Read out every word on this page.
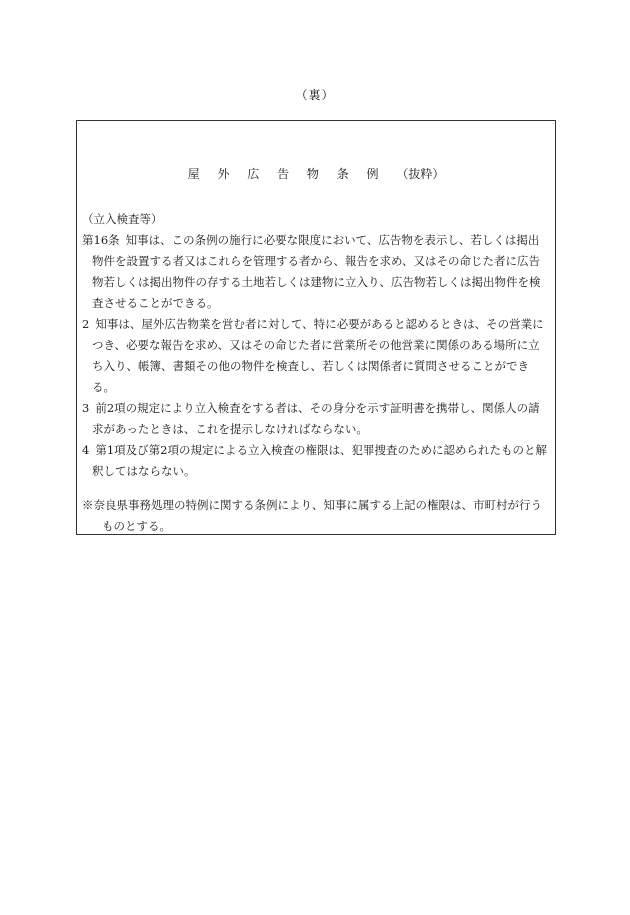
（裏）
屋 外 広 告 物 条 例 （抜粋）

（立入検査等）

第16条 知事は、この条例の施行に必要な限度において、広告物を表示し、若しくは掲出物件を設置する者又はこれらを管理する者から、報告を求め、又はその命じた者に広告物若しくは掲出物件の存する土地若しくは建物に立入り、広告物若しくは掲出物件を検査させることができる。

2 知事は、屋外広告物業を営む者に対して、特に必要があると認めるときは、その営業につき、必要な報告を求め、又はその命じた者に営業所その他営業に関係のある場所に立ち入り、帳簿、書類その他の物件を検査し、若しくは関係者に質問させることができる。

3 前2項の規定により立入検査をする者は、その身分を示す証明書を携帯し、関係人の請求があったときは、これを提示しなければならない。

4 第1項及び第2項の規定による立入検査の権限は、犯罪捜査のために認められたものと解釈してはならない。

※奈良県事務処理の特例に関する条例により、知事に属する上記の権限は、市町村が行うものとする。
